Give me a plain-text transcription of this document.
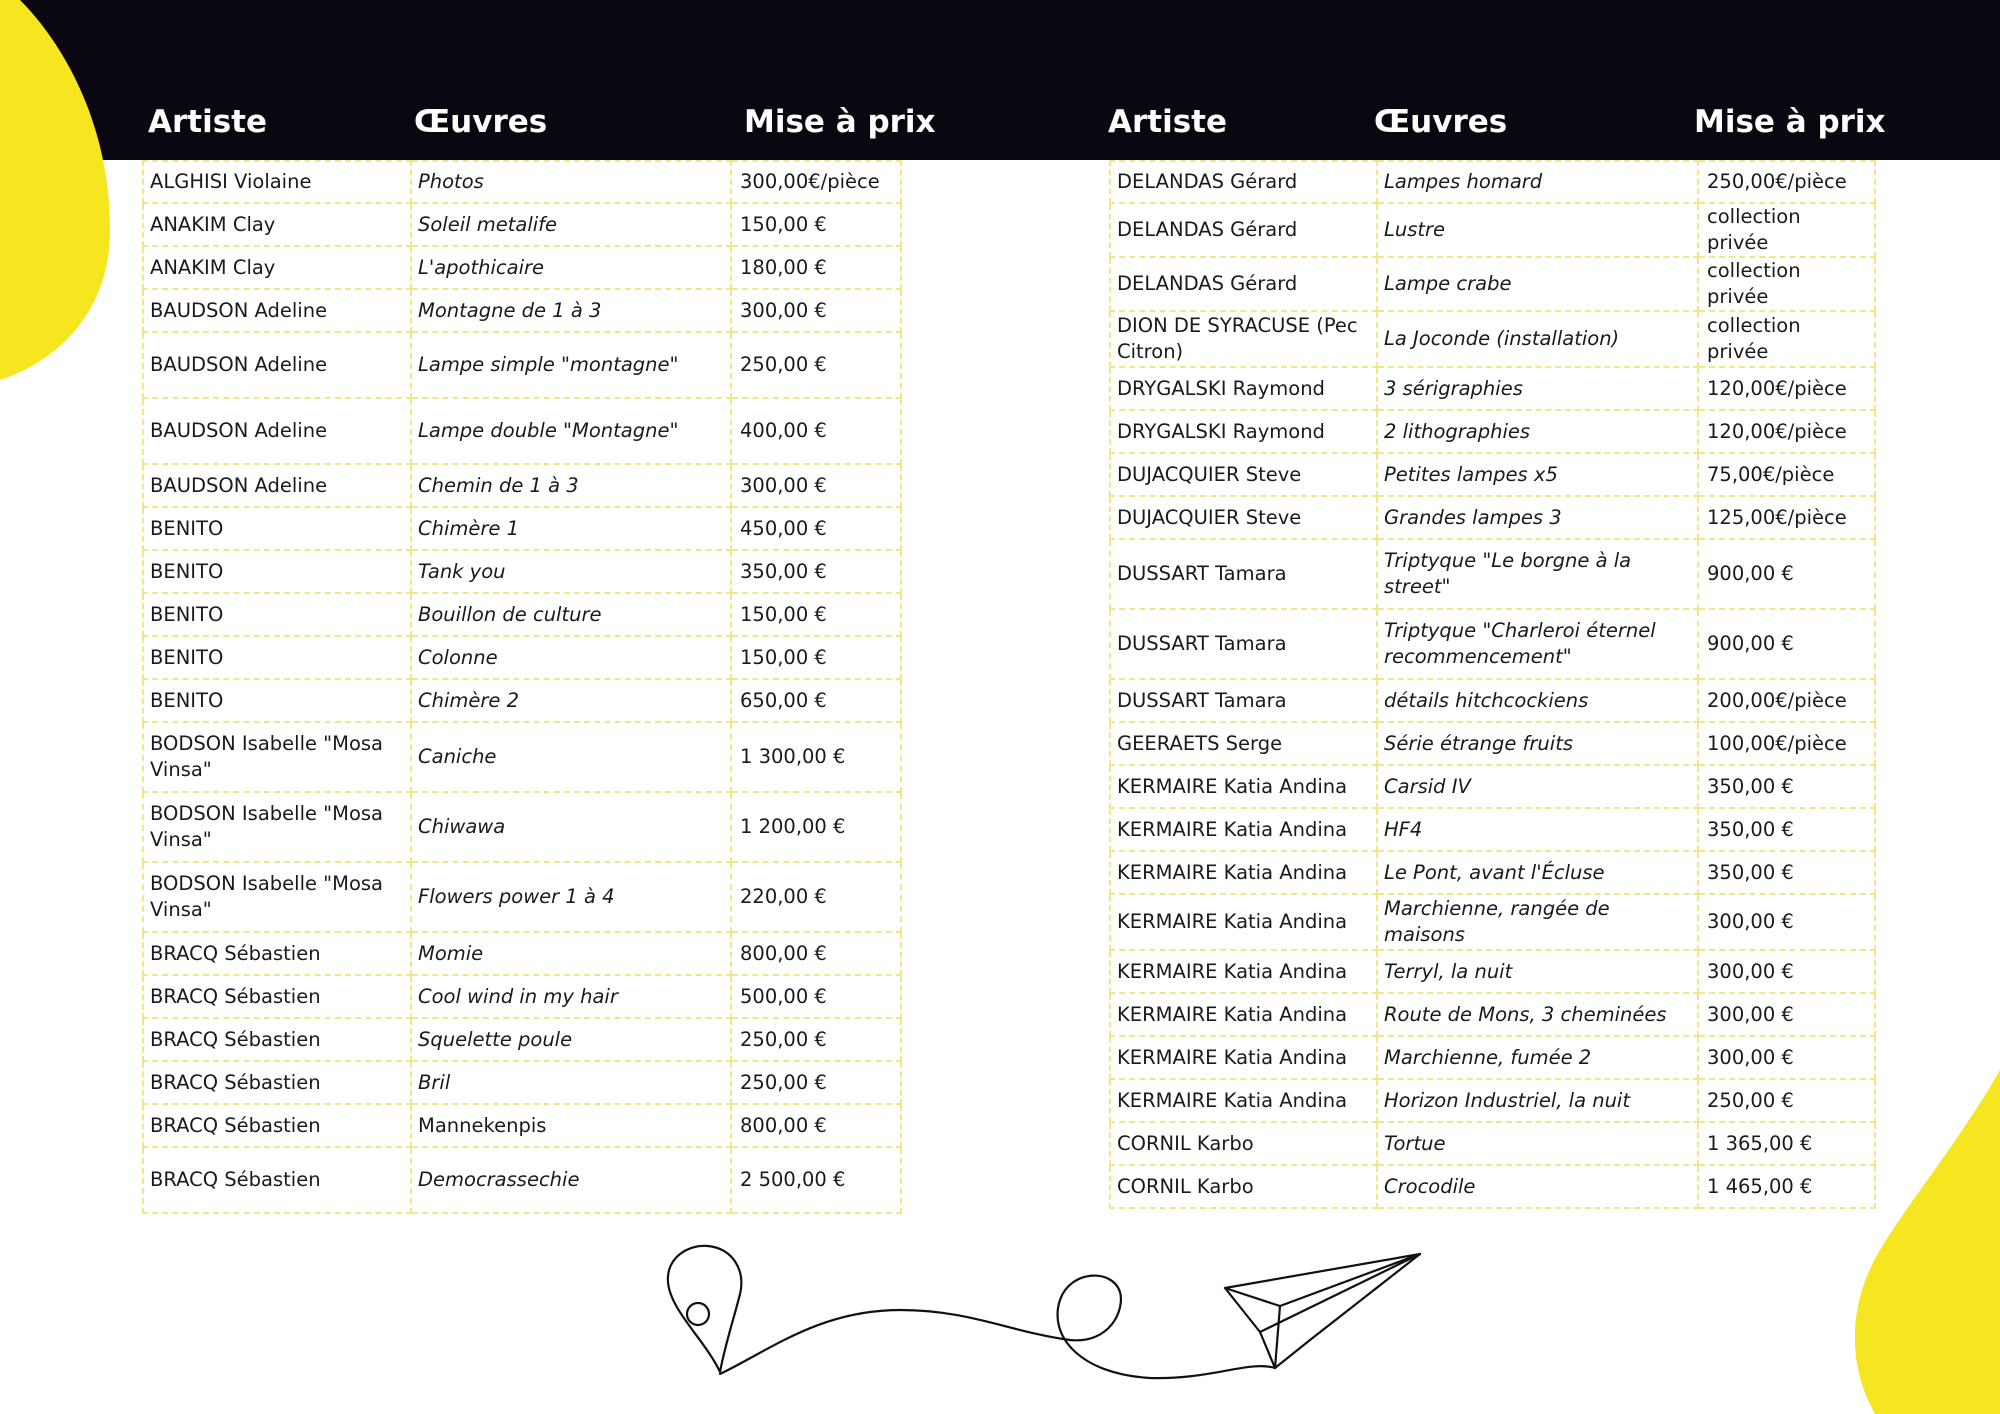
Artiste	Œuvres	Mise à prix	Artiste	Œuvres	Mise à prix
ALGHISI Violaine	Photos	300,00€/pièce
ANAKIM Clay	Soleil metalife	150,00 €
ANAKIM Clay	L'apothicaire	180,00 €
BAUDSON Adeline	Montagne de 1 à 3	300,00 €
BAUDSON Adeline	Lampe simple "montagne"	250,00 €
BAUDSON Adeline	Lampe double "Montagne"	400,00 €
BAUDSON Adeline	Chemin de 1 à 3	300,00 €
BENITO	Chimère 1	450,00 €
BENITO	Tank you	350,00 €
BENITO	Bouillon de culture	150,00 €
BENITO	Colonne	150,00 €
BENITO	Chimère 2	650,00 €
BODSON Isabelle "Mosa Vinsa"	Caniche	1 300,00 €
BODSON Isabelle "Mosa Vinsa"	Chiwawa	1 200,00 €
BODSON Isabelle "Mosa Vinsa"	Flowers power 1 à 4	220,00 €
BRACQ Sébastien	Momie	800,00 €
BRACQ Sébastien	Cool wind in my hair	500,00 €
BRACQ Sébastien	Squelette poule	250,00 €
BRACQ Sébastien	Bril	250,00 €
BRACQ Sébastien	Mannekenpis	800,00 €
BRACQ Sébastien	Democrassechie	2 500,00 €
DELANDAS Gérard	Lampes homard	250,00€/pièce
DELANDAS Gérard	Lustre	collection privée
DELANDAS Gérard	Lampe crabe	collection privée
DION DE SYRACUSE (Pec Citron)	La Joconde (installation)	collection privée
DRYGALSKI Raymond	3 sérigraphies	120,00€/pièce
DRYGALSKI Raymond	2 lithographies	120,00€/pièce
DUJACQUIER Steve	Petites lampes x5	75,00€/pièce
DUJACQUIER Steve	Grandes lampes 3	125,00€/pièce
DUSSART Tamara	Triptyque "Le borgne à la street"	900,00 €
DUSSART Tamara	Triptyque "Charleroi éternel recommencement"	900,00 €
DUSSART Tamara	détails hitchcockiens	200,00€/pièce
GEERAETS Serge	Série étrange fruits	100,00€/pièce
KERMAIRE Katia Andina	Carsid IV	350,00 €
KERMAIRE Katia Andina	HF4	350,00 €
KERMAIRE Katia Andina	Le Pont, avant l'Écluse	350,00 €
KERMAIRE Katia Andina	Marchienne, rangée de maisons	300,00 €
KERMAIRE Katia Andina	Terryl, la nuit	300,00 €
KERMAIRE Katia Andina	Route de Mons, 3 cheminées	300,00 €
KERMAIRE Katia Andina	Marchienne, fumée 2	300,00 €
KERMAIRE Katia Andina	Horizon Industriel, la nuit	250,00 €
CORNIL Karbo	Tortue	1 365,00 €
CORNIL Karbo	Crocodile	1 465,00 €
